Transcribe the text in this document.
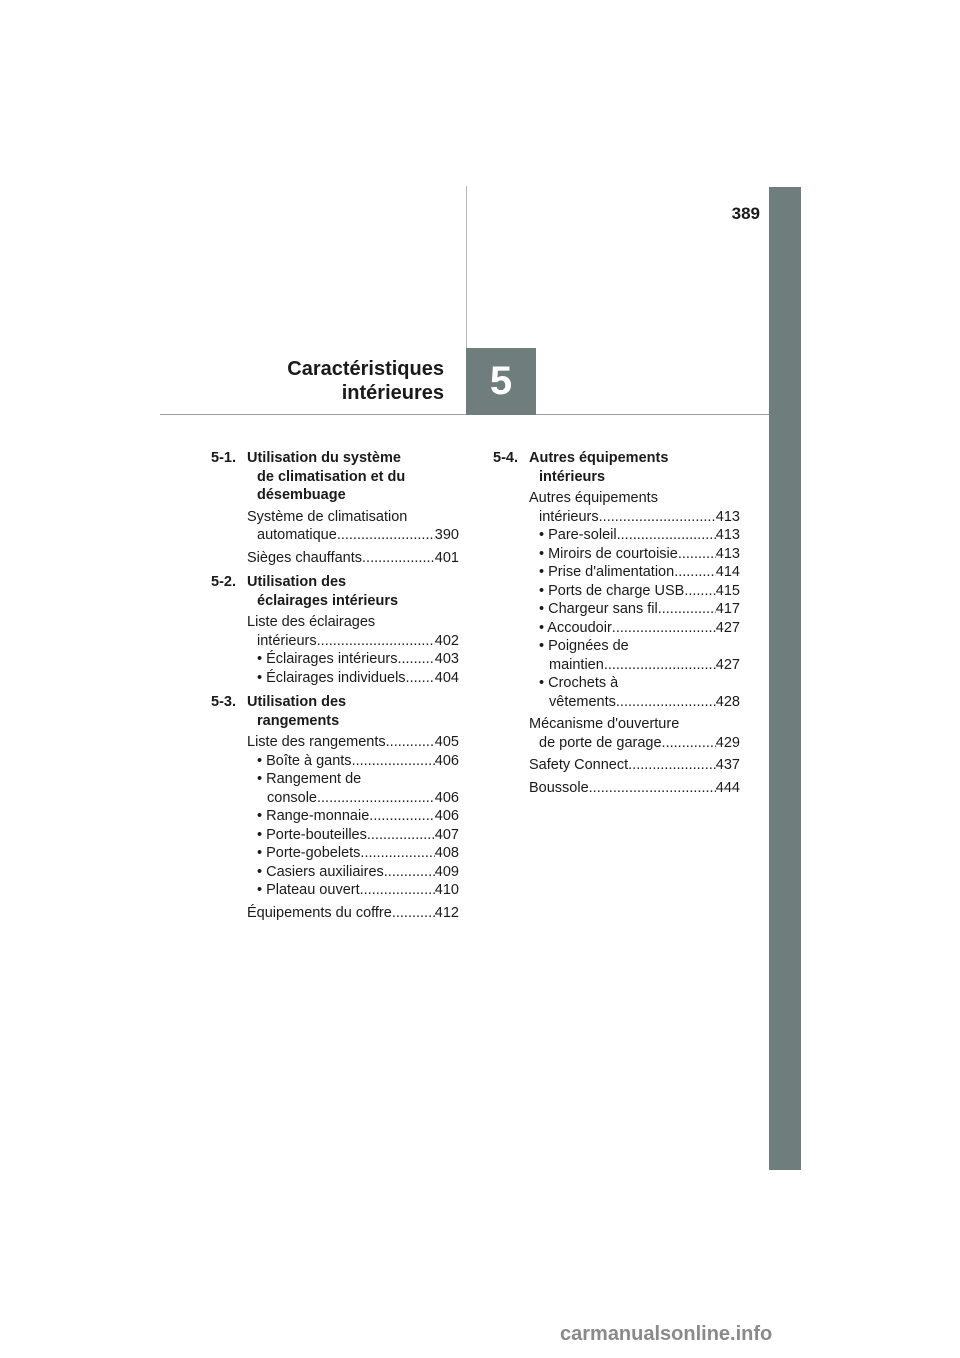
389
5
Caractéristiques
intérieures
5-1. Utilisation du système
de climatisation et du
désembuage
Système de climatisation
automatique .....	390
Sièges chauffants .....	401
5-2. Utilisation des
éclairages intérieurs
Liste des éclairages
intérieurs .....	402
• Éclairages intérieurs .....	403
• Éclairages individuels ..... 404
5-3. Utilisation des
rangements
Liste des rangements .....	405
• Boîte à gants .....	406
• Rangement de
console .....	406
• Range-monnaie .....	406
• Porte-bouteilles .....	407
• Porte-gobelets .....	408
• Casiers auxiliaires .....	409
• Plateau ouvert .....	410
Équipements du coffre .....	412
5-4. Autres équipements
intérieurs
Autres équipements
intérieurs .....	413
• Pare-soleil .....	413
• Miroirs de courtoisie .....	413
• Prise d'alimentation .....	414
• Ports de charge USB ..... 415
• Chargeur sans fil .....	417
• Accoudoir .....	427
• Poignées de
maintien .....	427
• Crochets à
vêtements .....	428
Mécanisme d'ouverture
de porte de garage .....	429
Safety Connect .....	437
Boussole .....	444
carmanualsonline.info
